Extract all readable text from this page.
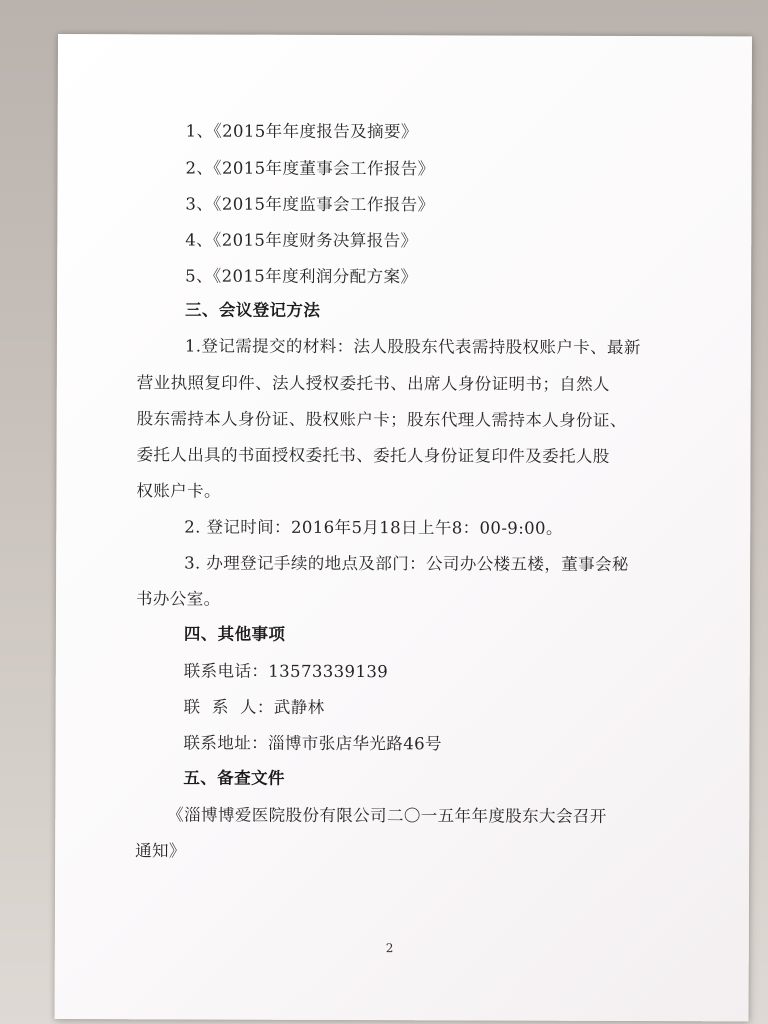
1、《2015年年度报告及摘要》
2、《2015年度董事会工作报告》
3、《2015年度监事会工作报告》
4、《2015年度财务决算报告》
5、《2015年度利润分配方案》
三、会议登记方法
1.登记需提交的材料：法人股股东代表需持股权账户卡、最新
营业执照复印件、法人授权委托书、出席人身份证明书；自然人
股东需持本人身份证、股权账户卡；股东代理人需持本人身份证、
委托人出具的书面授权委托书、委托人身份证复印件及委托人股
权账户卡。
2. 登记时间：2016年5月18日上午8：00-9:00。
3. 办理登记手续的地点及部门：公司办公楼五楼，董事会秘
书办公室。
四、其他事项
联系电话：13573339139
联  系  人：武静林
联系地址：淄博市张店华光路46号
五、备查文件
《淄博博爱医院股份有限公司二〇一五年年度股东大会召开
通知》
2
